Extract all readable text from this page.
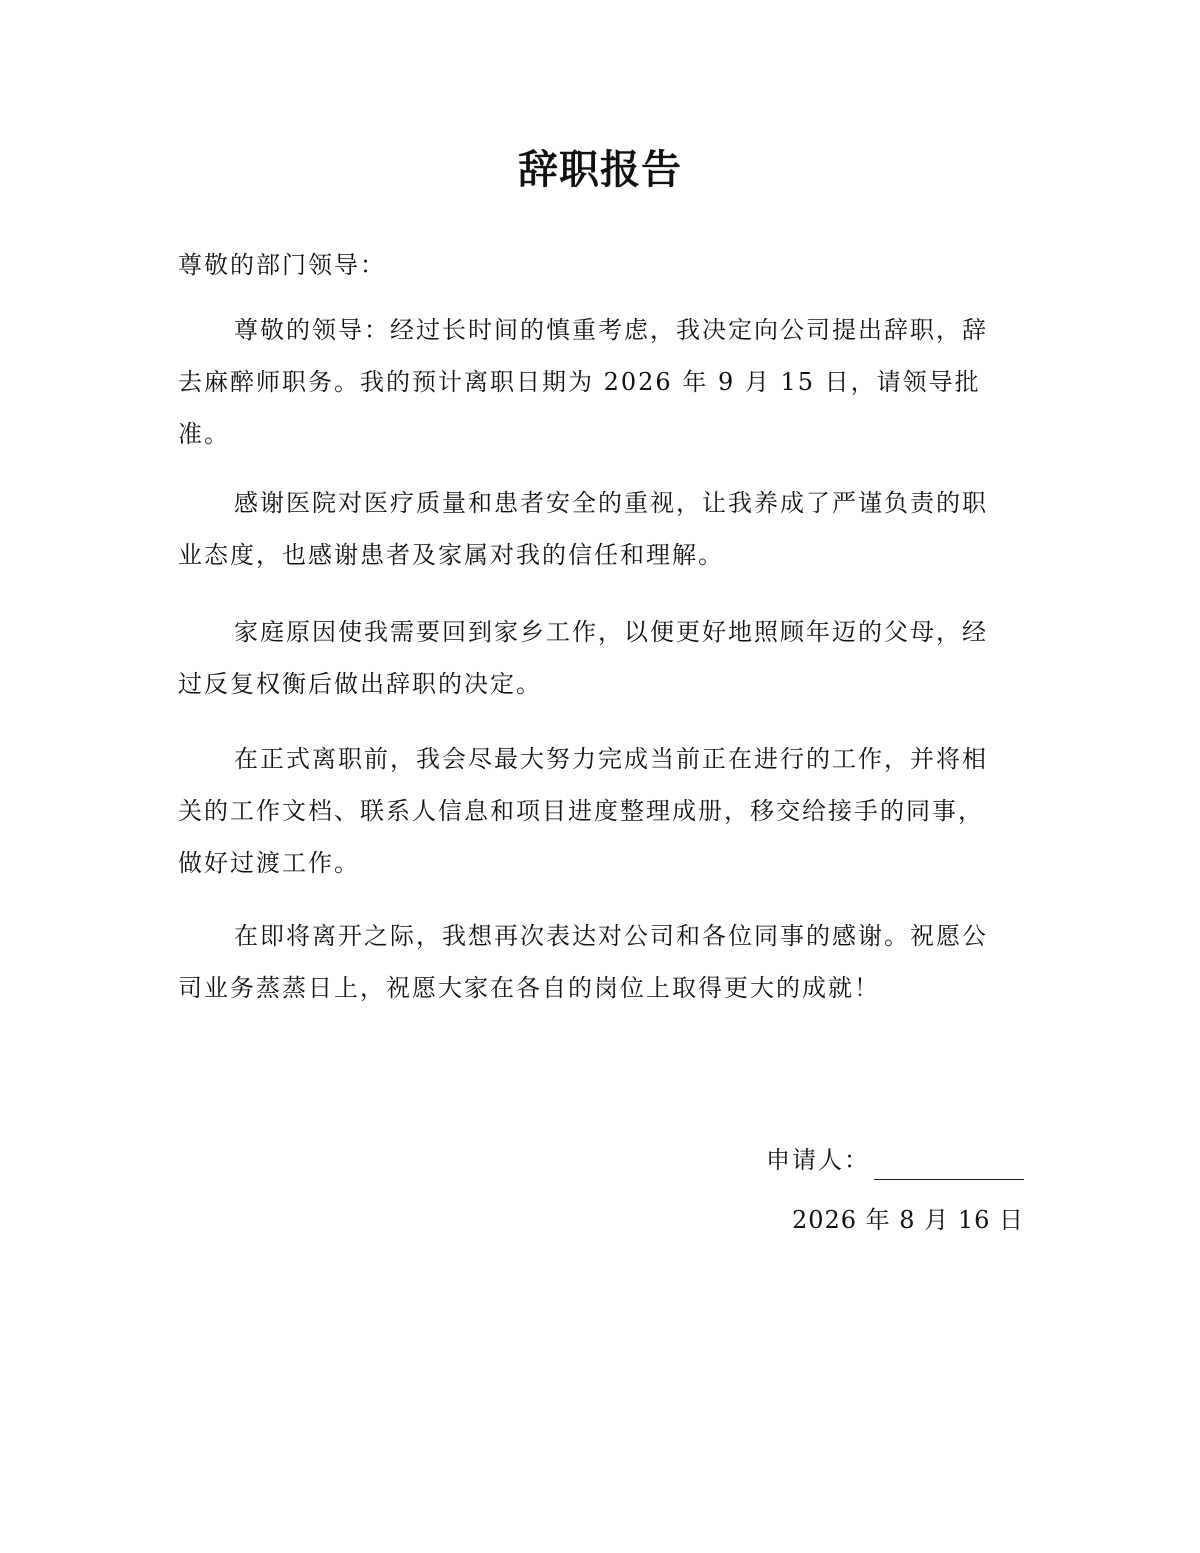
辞职报告
尊敬的部门领导：

尊敬的领导：经过长时间的慎重考虑，我决定向公司提出辞职，辞去麻醉师职务。我的预计离职日期为 2026 年 9 月 15 日，请领导批准。

感谢医院对医疗质量和患者安全的重视，让我养成了严谨负责的职业态度，也感谢患者及家属对我的信任和理解。

家庭原因使我需要回到家乡工作，以便更好地照顾年迈的父母，经过反复权衡后做出辞职的决定。

在正式离职前，我会尽最大努力完成当前正在进行的工作，并将相关的工作文档、联系人信息和项目进度整理成册，移交给接手的同事，做好过渡工作。

在即将离开之际，我想再次表达对公司和各位同事的感谢。祝愿公司业务蒸蒸日上，祝愿大家在各自的岗位上取得更大的成就！

申请人：
2026 年 8 月 16 日
